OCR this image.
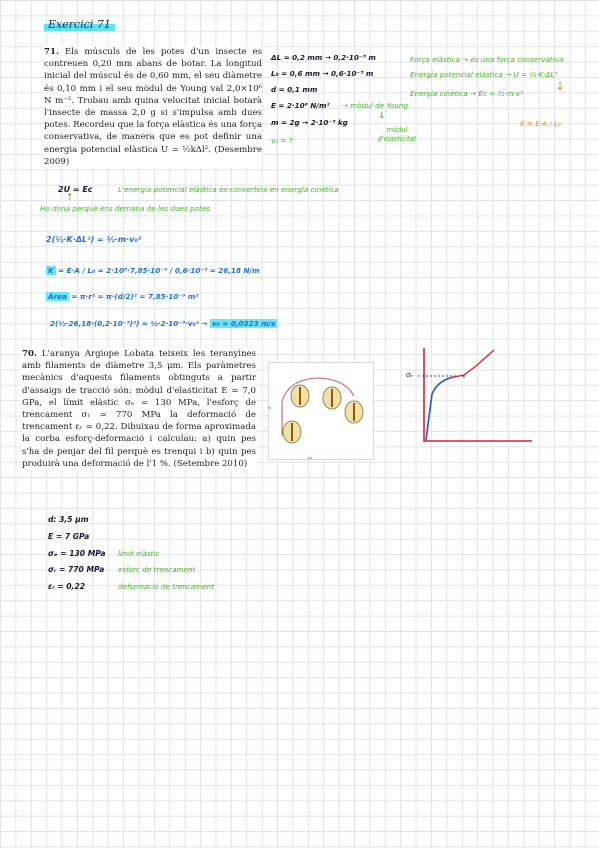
Exercici 71
71. Els músculs de les potes d'un insecte es contreuen 0,20 mm abans de botar. La longitud inicial del múscul és de 0,60 mm, el seu diàmetre és 0,10 mm i el seu mòdul de Young val 2,0×10⁶ N m⁻². Trobau amb quina velocitat inicial botarà l'insecte de massa 2,0 g si s'impulsa amb dues potes. Recordeu que la força elàstica és una força conservativa, de manera que es pot definir una energia potencial elàstica U = ½kΔl². (Desembre 2009)
ΔL = 0,2 mm → 0,2·10⁻³ m
L₀ = 0,6 mm → 0,6·10⁻³ m
d = 0,1 mm
E = 2·10⁶ N/m² → mòdul de Young
m = 2g → 2·10⁻³ kg
↓
mòdul d'elasticitat
v₀ = ?
Força elàstica → és una força conservativa
Energia potencial elàstica → U = ½·K·ΔL²
Energia cinètica → Ec = ½·m·v²
↓
K = E·A / L₀
2U = Ec	L'energia potencial elàstica es converteix en energia cinètica
↑
Ho dona perquè ens demana de les dues potes
2(½·K·ΔL²) = ½·m·v₀²
K = E·A / L₀ = 2·10⁶·7,85·10⁻⁹ / 0,6·10⁻³ = 26,18 N/m
Àrea = π·r² = π·(d/2)² = 7,85·10⁻⁹ m²
2(½·26,18·(0,2·10⁻³)²) = ½·2·10⁻³·v₀² → v₀ = 0,0323 m/s
70. L'aranya Argiope Lobata teixeix les teranyines amb filaments de diàmetre 3,5 μm. Els paràmetres mecànics d'aquests filaments obtinguts a partir d'assaigs de tracció són: mòdul d'elasticitat E = 7,0 GPa, el límit elàstic σₑ = 130 MPa, l'esforç de trencament σᵣ = 770 MPa la deformació de trencament εᵣ = 0,22. Dibuixau de forma aproximada la corba esforç-deformació i calculau: a) quin pes s'ha de penjar del fil perquè es trenqui i b) quin pes produirà una deformació de l'1 %. (Setembre 2010)
σₑ
d: 3,5 μm
E = 7 GPa
σₑ = 130 MPa límit elàstic
σᵣ = 770 MPa esforç de trencament
εᵣ = 0,22	deformació de trencament
